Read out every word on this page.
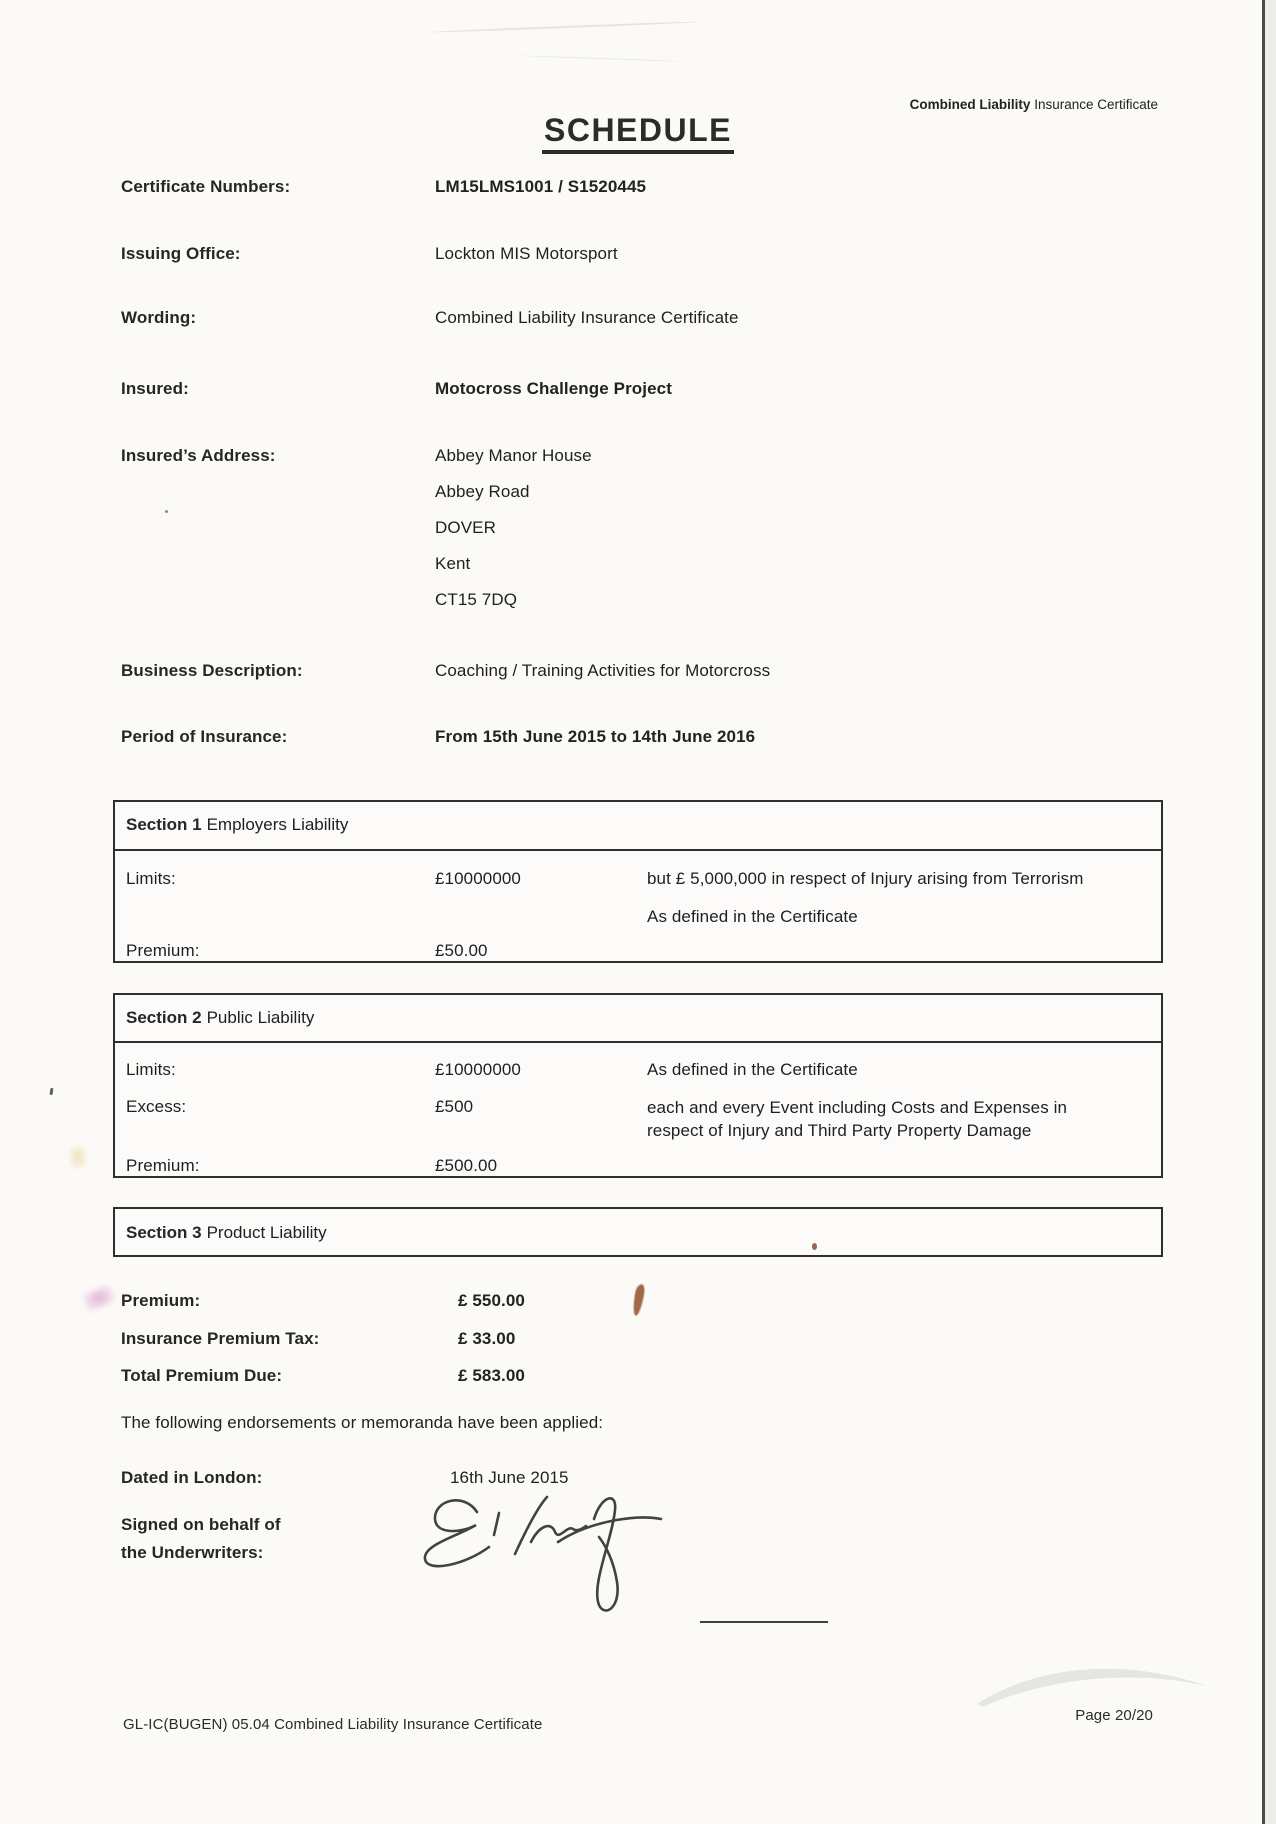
Combined Liability Insurance Certificate
SCHEDULE
Certificate Numbers:	LM15LMS1001 / S1520445
Issuing Office:	Lockton MIS Motorsport
Wording:	Combined Liability Insurance Certificate
Insured:	Motocross Challenge Project
Insured’s Address:	Abbey Manor House
Abbey Road
DOVER
Kent
CT15 7DQ
Business Description:	Coaching / Training Activities for Motorcross
Period of Insurance:	From 15th June 2015 to 14th June 2016
Section 1 Employers Liability
Limits:	£10000000	but £ 5,000,000 in respect of Injury arising from Terrorism
As defined in the Certificate
Premium:	£50.00
Section 2 Public Liability
Limits:	£10000000	As defined in the Certificate
Excess:	£500	each and every Event including Costs and Expenses in respect of Injury and Third Party Property Damage
Premium:	£500.00
Section 3 Product Liability
Premium:	£ 550.00
Insurance Premium Tax:	£ 33.00
Total Premium Due:	£ 583.00
The following endorsements or memoranda have been applied:
Dated in London:	16th June 2015
Signed on behalf of
the Underwriters:
GL-IC(BUGEN) 05.04 Combined Liability Insurance Certificate
Page 20/20
